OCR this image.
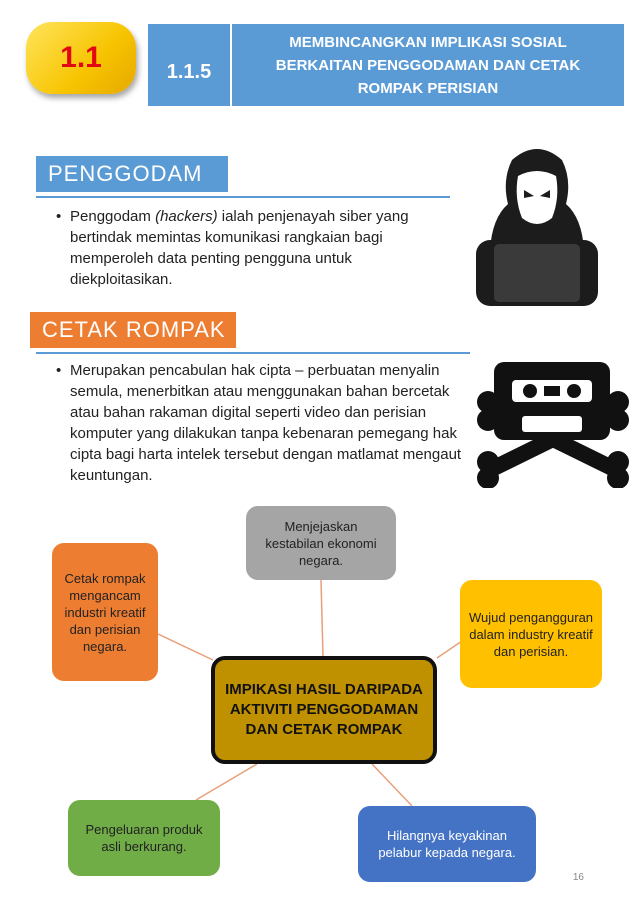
1.1	1.1.5
MEMBINCANGKAN IMPLIKASI SOSIAL BERKAITAN PENGGODAMAN DAN CETAK ROMPAK PERISIAN
PENGGODAM
• Penggodam (hackers) ialah penjenayah siber yang bertindak memintas komunikasi rangkaian bagi memperoleh data penting pengguna untuk diekploitasikan.
CETAK ROMPAK
• Merupakan pencabulan hak cipta – perbuatan menyalin semula, menerbitkan atau menggunakan bahan bercetak atau bahan rakaman digital seperti video dan perisian komputer yang dilakukan tanpa kebenaran pemegang hak cipta bagi harta intelek tersebut dengan matlamat mengaut keuntungan.
Menjejaskan kestabilan ekonomi negara.
Cetak rompak mengancam industri kreatif dan perisian negara.
Wujud pengangguran dalam industry kreatif dan perisian.
IMPIKASI HASIL DARIPADA AKTIVITI PENGGODAMAN DAN CETAK ROMPAK
Pengeluaran produk asli berkurang.
Hilangnya keyakinan pelabur kepada negara.
16
